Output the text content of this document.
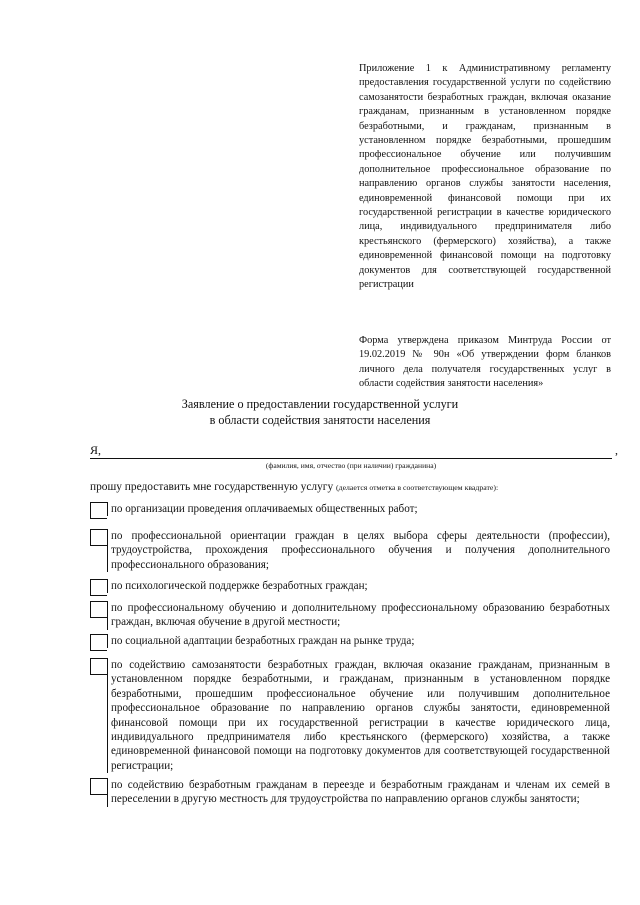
Приложение 1 к Административному регламенту предоставления государственной услуги по содействию самозанятости безработных граждан, включая оказание гражданам, признанным в установленном порядке безработными, и гражданам, признанным в установленном порядке безработными, прошедшим профессиональное обучение или получившим дополнительное профессиональное образование по направлению органов службы занятости населения, единовременной финансовой помощи при их государственной регистрации в качестве юридического лица, индивидуального предпринимателя либо крестьянского (фермерского) хозяйства), а также единовременной финансовой помощи на подготовку документов для соответствующей государственной регистрации
Форма утверждена приказом Минтруда России от 19.02.2019 № 90н «Об утверждении форм бланков личного дела получателя государственных услуг в области содействия занятости населения»
Заявление о предоставлении государственной услуги
в области содействия занятости населения
Я,	,
(фамилия, имя, отчество (при наличии) гражданина)
прошу предоставить мне государственную услугу (делается отметка в соответствующем квадрате):
по организации проведения оплачиваемых общественных работ;
по профессиональной ориентации граждан в целях выбора сферы деятельности (профессии), трудоустройства, прохождения профессионального обучения и получения дополнительного профессионального образования;
по психологической поддержке безработных граждан;
по профессиональному обучению и дополнительному профессиональному образованию безработных граждан, включая обучение в другой местности;
по социальной адаптации безработных граждан на рынке труда;
по содействию самозанятости безработных граждан, включая оказание гражданам, признанным в установленном порядке безработными, и гражданам, признанным в установленном порядке безработными, прошедшим профессиональное обучение или получившим дополнительное профессиональное образование по направлению органов службы занятости, единовременной финансовой помощи при их государственной регистрации в качестве юридического лица, индивидуального предпринимателя либо крестьянского (фермерского) хозяйства, а также единовременной финансовой помощи на подготовку документов для соответствующей государственной регистрации;
по содействию безработным гражданам в переезде и безработным гражданам и членам их семей в переселении в другую местность для трудоустройства по направлению органов службы занятости;
